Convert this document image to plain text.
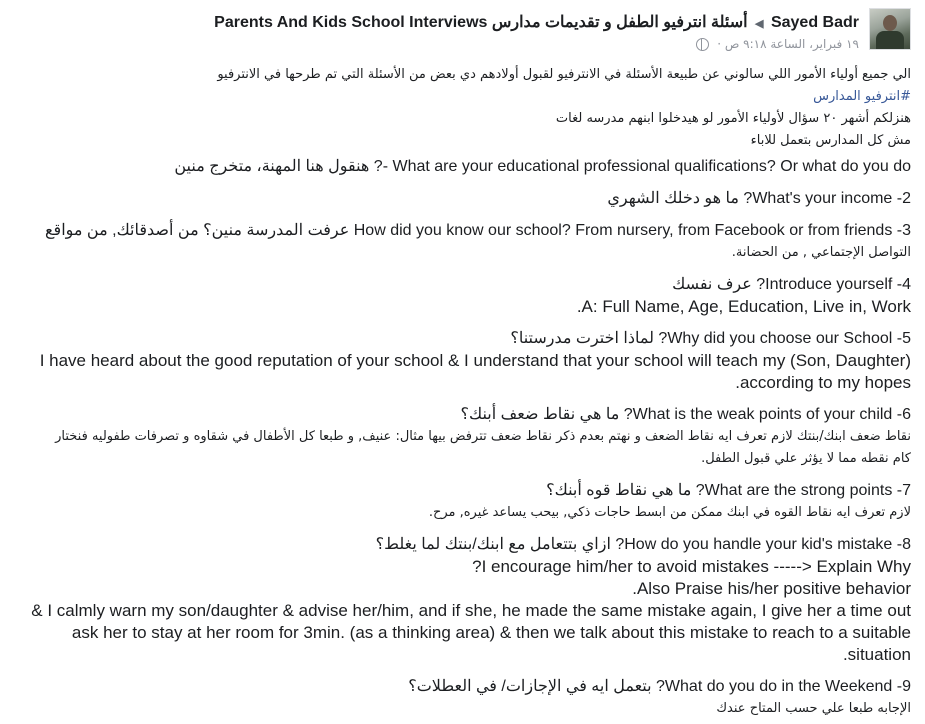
Sayed Badr ◀ أسئلة انترفيو الطفل و تقديمات مدارس Parents And Kids School Interviews
١٩ فبراير، الساعة ٩:١٨ ص ·
الي جميع أولياء الأمور اللي سالوني عن طبيعة الأسئلة في الانترفيو لقبول أولادهم دي بعض من الأسئلة التي تم طرحها في الانترفيو
#انترفيو المدارس
هنزلكم أشهر ٢٠ سؤال لأولياء الأمور لو هيدخلوا ابنهم مدرسه لغات
مش كل المدارس بتعمل للاباء
What are your educational professional qualifications? Or what do you do -? هنقول هنا المهنة، متخرج منين
What's your income -2? ما هو دخلك الشهري
How did you know our school? From nursery, from Facebook or from friends -3 عرفت المدرسة منين؟ من أصدقائك, من مواقع
التواصل الإجتماعي , من الحضانة.
Introduce yourself -4? عرف نفسك
A: Full Name, Age, Education, Live in, Work.
Why did you choose our School -5? لماذا اخترت مدرستنا؟
I have heard about the good reputation of your school & I understand that your school will teach my (Son, Daughter)
according to my hopes.
What is the weak points of your child -6? ما هي نقاط ضعف أبنك؟
نقاط ضعف ابنك/بنتك لازم تعرف ايه نقاط الضعف و نهتم بعدم ذكر نقاط ضعف تترفض بيها مثال: عنيف, و طبعا كل الأطفال في شقاوه و تصرفات طفوليه فنختار
كام نقطه مما لا يؤثر علي قبول الطفل.
What are the strong points -7? ما هي نقاط قوه أبنك؟
لازم تعرف ايه نقاط القوه في ابنك ممكن من ابسط حاجات ذكي, بيحب يساعد غيره, مرح.
How do you handle your kid's mistake -8? ازاي بتتعامل مع ابنك/بنتك لما يغلط؟
I encourage him/her to avoid mistakes -----> Explain Why?
Also Praise his/her positive behavior.
I calmly warn my son/daughter & advise her/him, and if she, he made the same mistake again, I give her a time out &
ask her to stay at her room for 3min. (as a thinking area) & then we talk about this mistake to reach to a suitable
situation.
What do you do in the Weekend -9? بتعمل ايه في الإجازات/ في العطلات؟
الإجابه طبعا علي حسب المتاح عندك
